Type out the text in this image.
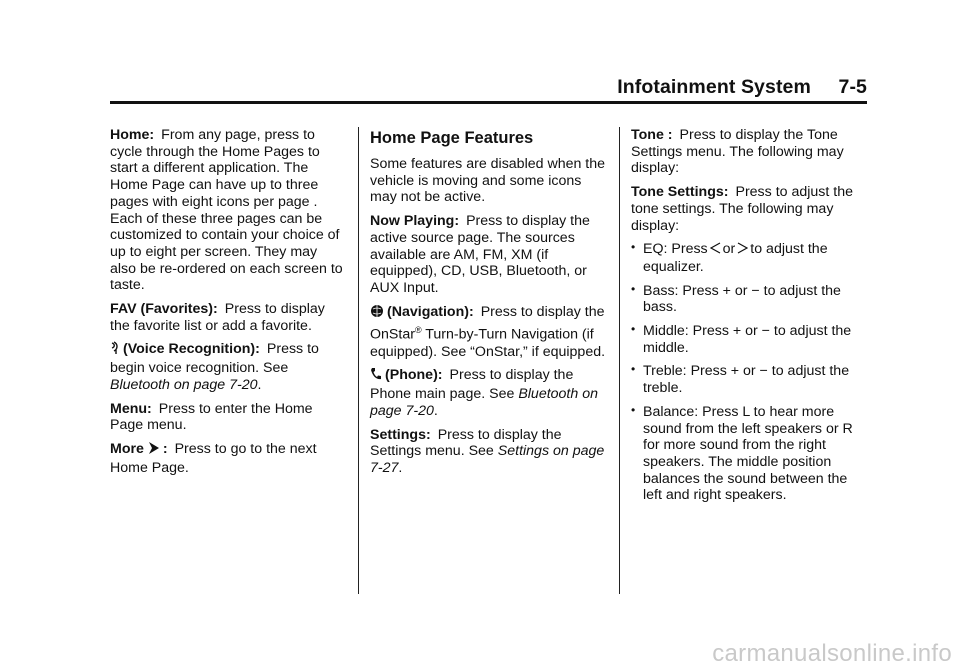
Infotainment System 7-5

Home: From any page, press to cycle through the Home Pages to start a different application. The Home Page can have up to three pages with eight icons per page . Each of these three pages can be customized to contain your choice of up to eight per screen. They may also be re-ordered on each screen to taste.

FAV (Favorites): Press to display the favorite list or add a favorite.

(Voice Recognition): Press to begin voice recognition. See Bluetooth on page 7-20.

Menu: Press to enter the Home Page menu.

More : Press to go to the next Home Page.

Home Page Features

Some features are disabled when the vehicle is moving and some icons may not be active.

Now Playing: Press to display the active source page. The sources available are AM, FM, XM (if equipped), CD, USB, Bluetooth, or AUX Input.

(Navigation): Press to display the OnStar® Turn-by-Turn Navigation (if equipped). See “OnStar,” if equipped.

(Phone): Press to display the Phone main page. See Bluetooth on page 7-20.

Settings: Press to display the Settings menu. See Settings on page 7-27.

Tone : Press to display the Tone Settings menu. The following may display:

Tone Settings: Press to adjust the tone settings. The following may display:

• EQ: Press or to adjust the equalizer.
• Bass: Press + or − to adjust the bass.
• Middle: Press + or − to adjust the middle.
• Treble: Press + or − to adjust the treble.
• Balance: Press L to hear more sound from the left speakers or R for more sound from the right speakers. The middle position balances the sound between the left and right speakers.
carmanualsonline.info
